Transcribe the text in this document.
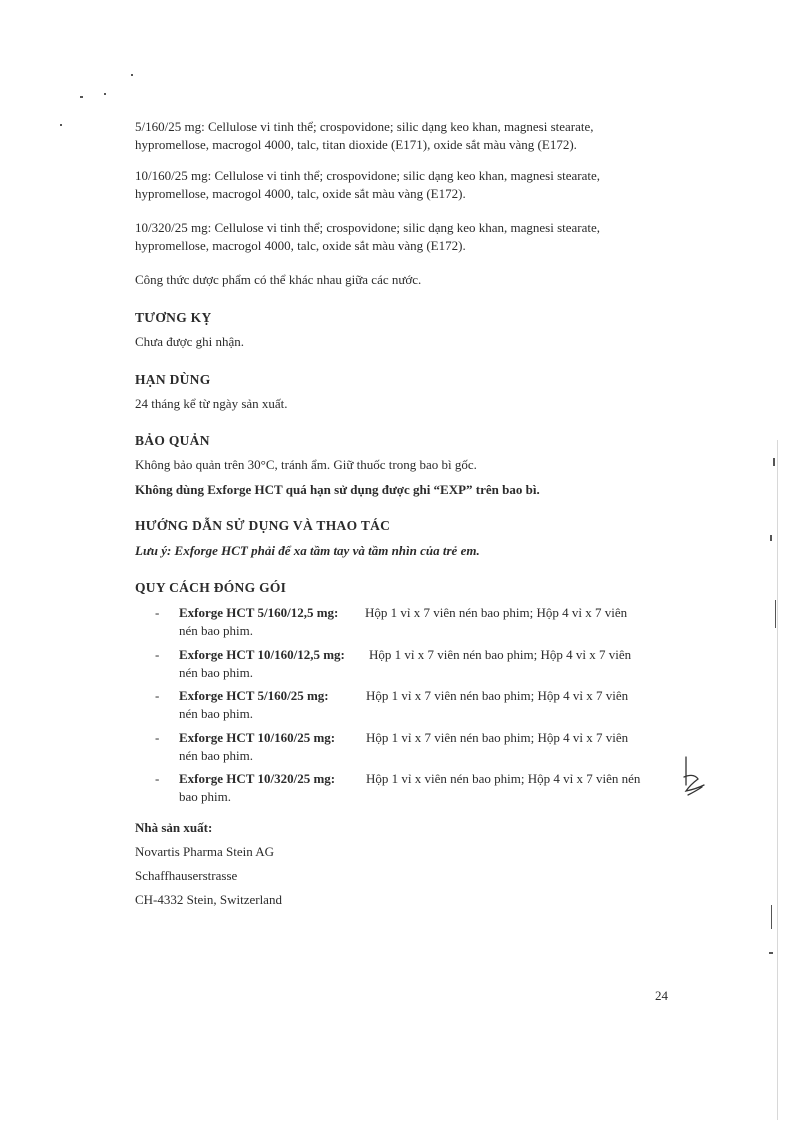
5/160/25 mg: Cellulose vi tinh thể; crospovidone; silic dạng keo khan, magnesi stearate,
hypromellose, macrogol 4000, talc, titan dioxide (E171), oxide sắt màu vàng (E172).

10/160/25 mg: Cellulose vi tinh thể; crospovidone; silic dạng keo khan, magnesi stearate,
hypromellose, macrogol 4000, talc, oxide sắt màu vàng (E172).

10/320/25 mg: Cellulose vi tinh thể; crospovidone; silic dạng keo khan, magnesi stearate,
hypromellose, macrogol 4000, talc, oxide sắt màu vàng (E172).

Công thức dược phẩm có thể khác nhau giữa các nước.

TƯƠNG KỴ

Chưa được ghi nhận.

HẠN DÙNG

24 tháng kể từ ngày sản xuất.

BẢO QUẢN

Không bảo quản trên 30°C, tránh ẩm. Giữ thuốc trong bao bì gốc.

Không dùng Exforge HCT quá hạn sử dụng được ghi “EXP” trên bao bì.

HƯỚNG DẪN SỬ DỤNG VÀ THAO TÁC

Lưu ý: Exforge HCT phải để xa tầm tay và tầm nhìn của trẻ em.

QUY CÁCH ĐÓNG GÓI
- Exforge HCT 5/160/12,5 mg: Hộp 1 vỉ x 7 viên nén bao phim; Hộp 4 vỉ x 7 viên
nén bao phim.
- Exforge HCT 10/160/12,5 mg: Hộp 1 vỉ x 7 viên nén bao phim; Hộp 4 vỉ x 7 viên
nén bao phim.
- Exforge HCT 5/160/25 mg:	Hộp 1 vỉ x 7 viên nén bao phim; Hộp 4 vỉ x 7 viên
nén bao phim.
- Exforge HCT 10/160/25 mg: Hộp 1 vỉ x 7 viên nén bao phim; Hộp 4 vỉ x 7 viên
nén bao phim.
- Exforge HCT 10/320/25 mg: Hộp 1 vỉ x viên nén bao phim; Hộp 4 vỉ x 7 viên nén
bao phim.

Nhà sản xuất:

Novartis Pharma Stein AG

Schaffhauserstrasse

CH-4332 Stein, Switzerland

24
